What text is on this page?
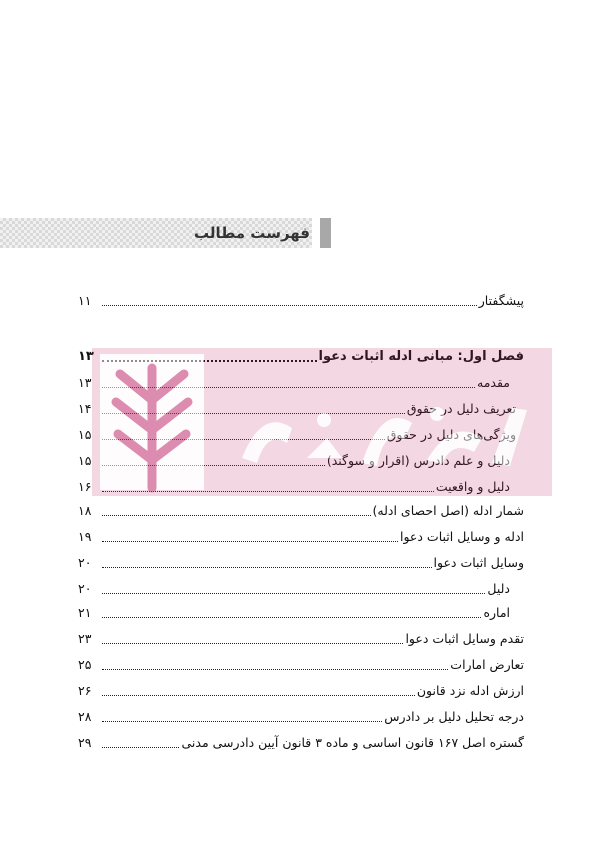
فهرست مطالب
پیشگفتار
۱۱
فصل اول: مبانی ادله اثبات دعوا
۱۳
مقدمه
۱۳
تعریف دلیل در حقوق
۱۴
ویژگی‌های دلیل در حقوق
۱۵
دلیل و علم دادرس (اقرار و سوگند)
۱۵
دلیل و واقعیت
۱۶
شمار ادله (اصل احصای ادله)
۱۸
ادله و وسایل اثبات دعوا
۱۹
وسایل اثبات دعوا
۲۰
دلیل
۲۰
اماره
۲۱
تقدم وسایل اثبات دعوا
۲۳
تعارض امارات
۲۵
ارزش ادله نزد قانون
۲۶
درجه تحلیل دلیل بر دادرس
۲۸
گستره اصل ۱۶۷ قانون اساسی و ماده ۳ قانون آیین دادرسی مدنی
۲۹
